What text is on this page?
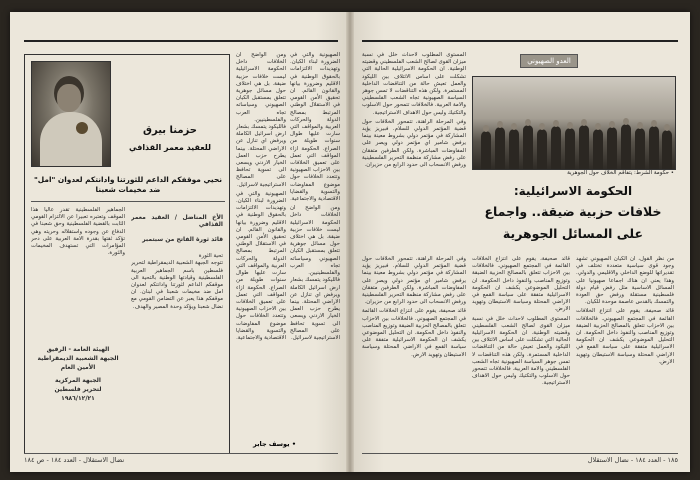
حزمنا بيرق
للعقيد معمر القذافي
نحيي موقفكم الداعم للثورتنا وادانتكم لعدوان "امل" ضد مخيمات شعبنا

الأخ المناضل / العقيد معمر القذافي

قائد ثورة الفاتح من سبتمبر

تحية الثورة
تتوجه الجبهة الشعبية الديمقراطية لتحرير فلسطين باسم الجماهير العربية الفلسطينية وقيادتها الوطنية بالتحية الى موقفكم الداعم لثورتنا وادانتكم لعدوان امل ضد مخيمات شعبنا في لبنان. ان موقفكم هذا يعبر عن التضامن القومي مع نضال شعبنا ويؤكد وحدة المصير والهدف.

الجماهير الفلسطينية تقدر عاليا هذا الموقف وتعتبره تعبيرا عن الالتزام القومي الثابت بالقضية الفلسطينية وحق شعبنا في الدفاع عن وجوده واستقلاله وحريته وهي تؤكد ثقتها بقدرة الامة العربية على دحر المؤامرات التي تستهدف المخيمات والثورة.
الهيئة العامة - الرفيق
الجبهة الشعبية الديمقراطية
الأمين العام
الجبهة المركزية
لتحرير فلسطين
١٩٨٦/١٢/٢١

ومن الواضح ان الخلافات داخل الحكومة الاسرائيلية ليست خلافات حزبية ضيقة. بل هي اختلاف حول مسائل جوهرية تتعلق بمستقبل الكيان الصهيوني وسياساته تجاه العرب والفلسطينيين. فالليكود يتمسك بشعار ارض اسرائيل الكاملة ويرفض اي تنازل عن الاراضي المحتلة. بينما يطرح حزب العمل الخيار الاردني ويسعى الى تسوية تحافظ على المصالح الاستراتيجية لاسرائيل.

الصهيونية والتي في الضرورة لبناء الكيان. وتهديدات الالتزامات بالحقوق الوطنية في الاقليم وضرورة بيانها والقانون القائم. ان تحقيق الأمن القومي في الاستقلال الوطني المرتبط بمصالح الدولة والحركات العربية والمواقف التي سارت عليها طوال سنوات طويلة من الصراع. الحكومة ازاء المواقف التي تعمل على تعميق الخلافات بين الاحزاب الصهيونية وتتعدد الخلافات حول موضوع المفاوضات والتسوية والقضايا الاقتصادية والاجتماعية.

الصهيونية والتي في الضرورة لبناء الكيان. وتهديدات الالتزامات بالحقوق الوطنية في الاقليم وضرورة بيانها والقانون القائم. ان تحقيق الأمن القومي في الاستقلال الوطني المرتبط بمصالح الدولة والحركات العربية والمواقف التي سارت عليها طوال سنوات طويلة من الصراع. الحكومة ازاء المواقف التي تعمل على تعميق الخلافات بين الاحزاب الصهيونية وتتعدد الخلافات حول موضوع المفاوضات والتسوية والقضايا الاقتصادية والاجتماعية.

ومن الواضح ان الخلافات داخل الحكومة الاسرائيلية ليست خلافات حزبية ضيقة. بل هي اختلاف حول مسائل جوهرية تتعلق بمستقبل الكيان الصهيوني وسياساته تجاه العرب والفلسطينيين. فالليكود يتمسك بشعار ارض اسرائيل الكاملة ويرفض اي تنازل عن الاراضي المحتلة. بينما يطرح حزب العمل الخيار الاردني ويسعى الى تسوية تحافظ على المصالح الاستراتيجية لاسرائيل.

• يوسف جابر
نضال الاستقلال - العدد ١٨٤ - ص ١٨٤
العدو الصهيوني
• حكومة الشرط: يتفاقم الخلاف حول الجوهرية

المستوى المطلوب لاحداث خلل في نسبة ميزان القوى لصالح الشعب الفلسطيني وقضيته الوطنية. ان الحكومة الاسرائيلية الحالية التي تشكلت على اساس الائتلاف بين الليكود والعمل تعيش حالة من التناقضات الداخلية المستمرة. ولكن هذه التناقضات لا تمس جوهر السياسة الصهيونية تجاه الشعب الفلسطيني والامة العربية. فالخلافات تتمحور حول الاسلوب والتكتيك وليس حول الاهداف الاستراتيجية.

وفي المرحلة الراهنة، تتمحور الخلافات حول قضية المؤتمر الدولي للسلام. فبيريز يؤيد المشاركة في مؤتمر دولي بشروط معينة بينما يرفض شامير اي مؤتمر دولي ويصر على المفاوضات المباشرة. ولكن الطرفين متفقان على رفض مشاركة منظمة التحرير الفلسطينية ورفض الانسحاب الى حدود الرابع من حزيران.

الحكومة الاسرائيلية:
خلافات حزبية ضيقة.. واجماع
على المسائل الجوهرية

وفي المرحلة الراهنة، تتمحور الخلافات حول قضية المؤتمر الدولي للسلام. فبيريز يؤيد المشاركة في مؤتمر دولي بشروط معينة بينما يرفض شامير اي مؤتمر دولي ويصر على المفاوضات المباشرة. ولكن الطرفين متفقان على رفض مشاركة منظمة التحرير الفلسطينية ورفض الانسحاب الى حدود الرابع من حزيران.

قائد صحيفة، يقوم على انتزاع الخلافات القائمة في المجتمع الصهيوني. فالخلافات بين الاحزاب تتعلق بالمصالح الحزبية الضيقة وتوزيع المناصب والنفوذ داخل الحكومة. ان التحليل الموضوعي يكشف ان الحكومة الاسرائيلية متفقة على سياسة القمع في الاراضي المحتلة وسياسة الاستيطان وتهويد الارض.

قائد صحيفة، يقوم على انتزاع الخلافات القائمة في المجتمع الصهيوني. فالخلافات بين الاحزاب تتعلق بالمصالح الحزبية الضيقة وتوزيع المناصب والنفوذ داخل الحكومة. ان التحليل الموضوعي يكشف ان الحكومة الاسرائيلية متفقة على سياسة القمع في الاراضي المحتلة وسياسة الاستيطان وتهويد الارض.

المستوى المطلوب لاحداث خلل في نسبة ميزان القوى لصالح الشعب الفلسطيني وقضيته الوطنية. ان الحكومة الاسرائيلية الحالية التي تشكلت على اساس الائتلاف بين الليكود والعمل تعيش حالة من التناقضات الداخلية المستمرة. ولكن هذه التناقضات لا تمس جوهر السياسة الصهيونية تجاه الشعب الفلسطيني والامة العربية. فالخلافات تتمحور حول الاسلوب والتكتيك وليس حول الاهداف الاستراتيجية.

من نظر القول، ان الكيان الصهيوني تشهد وجود قوى سياسية متعددة تختلف في تقديراتها للوضع الداخلي والاقليمي والدولي. وهذا يعني ان هناك اجماعا صهيونيا على المسائل الاساسية مثل رفض قيام دولة فلسطينية مستقلة ورفض حق العودة والتمسك بالقدس عاصمة موحدة للكيان.

قائد صحيفة، يقوم على انتزاع الخلافات القائمة في المجتمع الصهيوني. فالخلافات بين الاحزاب تتعلق بالمصالح الحزبية الضيقة وتوزيع المناصب والنفوذ داخل الحكومة. ان التحليل الموضوعي يكشف ان الحكومة الاسرائيلية متفقة على سياسة القمع في الاراضي المحتلة وسياسة الاستيطان وتهويد الارض.

١٨٥ - العدد ١٨٤ - نضال الاستقلال
